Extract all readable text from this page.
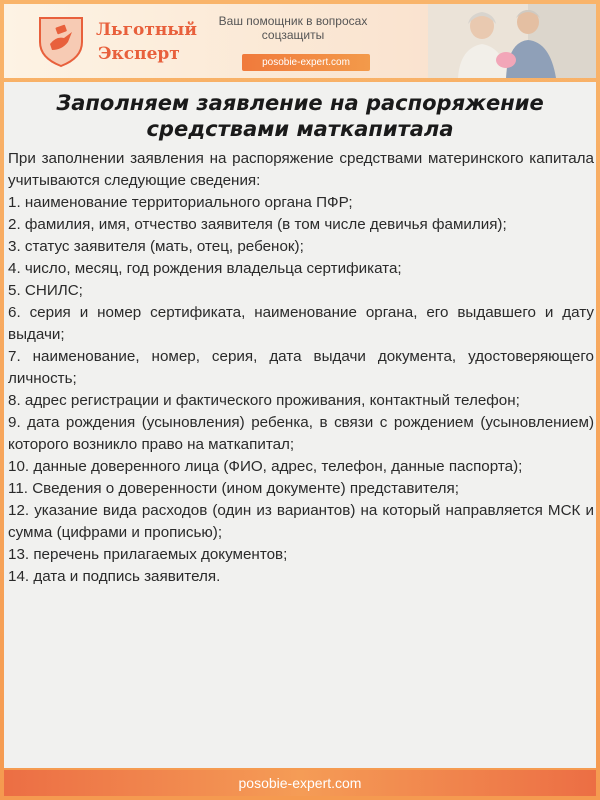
Льготный
Эксперт
Ваш помощник в вопросах
соцзащиты
posobie-expert.com
Заполняем заявление на распоряжение
средствами маткапитала

При заполнении заявления на распоряжение средствами материнского капитала учитываются следующие сведения:

1. наименование территориального органа ПФР;

2. фамилия, имя, отчество заявителя (в том числе девичья фамилия);

3. статус заявителя (мать, отец, ребенок);

4. число, месяц, год рождения владельца сертификата;

5. СНИЛС;

6. серия и номер сертификата, наименование органа, его выдавшего и дату выдачи;

7. наименование, номер, серия, дата выдачи документа, удостоверяющего личность;

8. адрес регистрации и фактического проживания, контактный телефон;

9. дата рождения (усыновления) ребенка, в связи с рождением (усыновлением) которого возникло право на маткапитал;

10. данные доверенного лица (ФИО, адрес, телефон, данные паспорта);

11. Сведения о доверенности (ином документе) представителя;

12. указание вида расходов (один из вариантов) на который направляется МСК и сумма (цифрами и прописью);

13. перечень прилагаемых документов;

14. дата и подпись заявителя.

posobie-expert.com
